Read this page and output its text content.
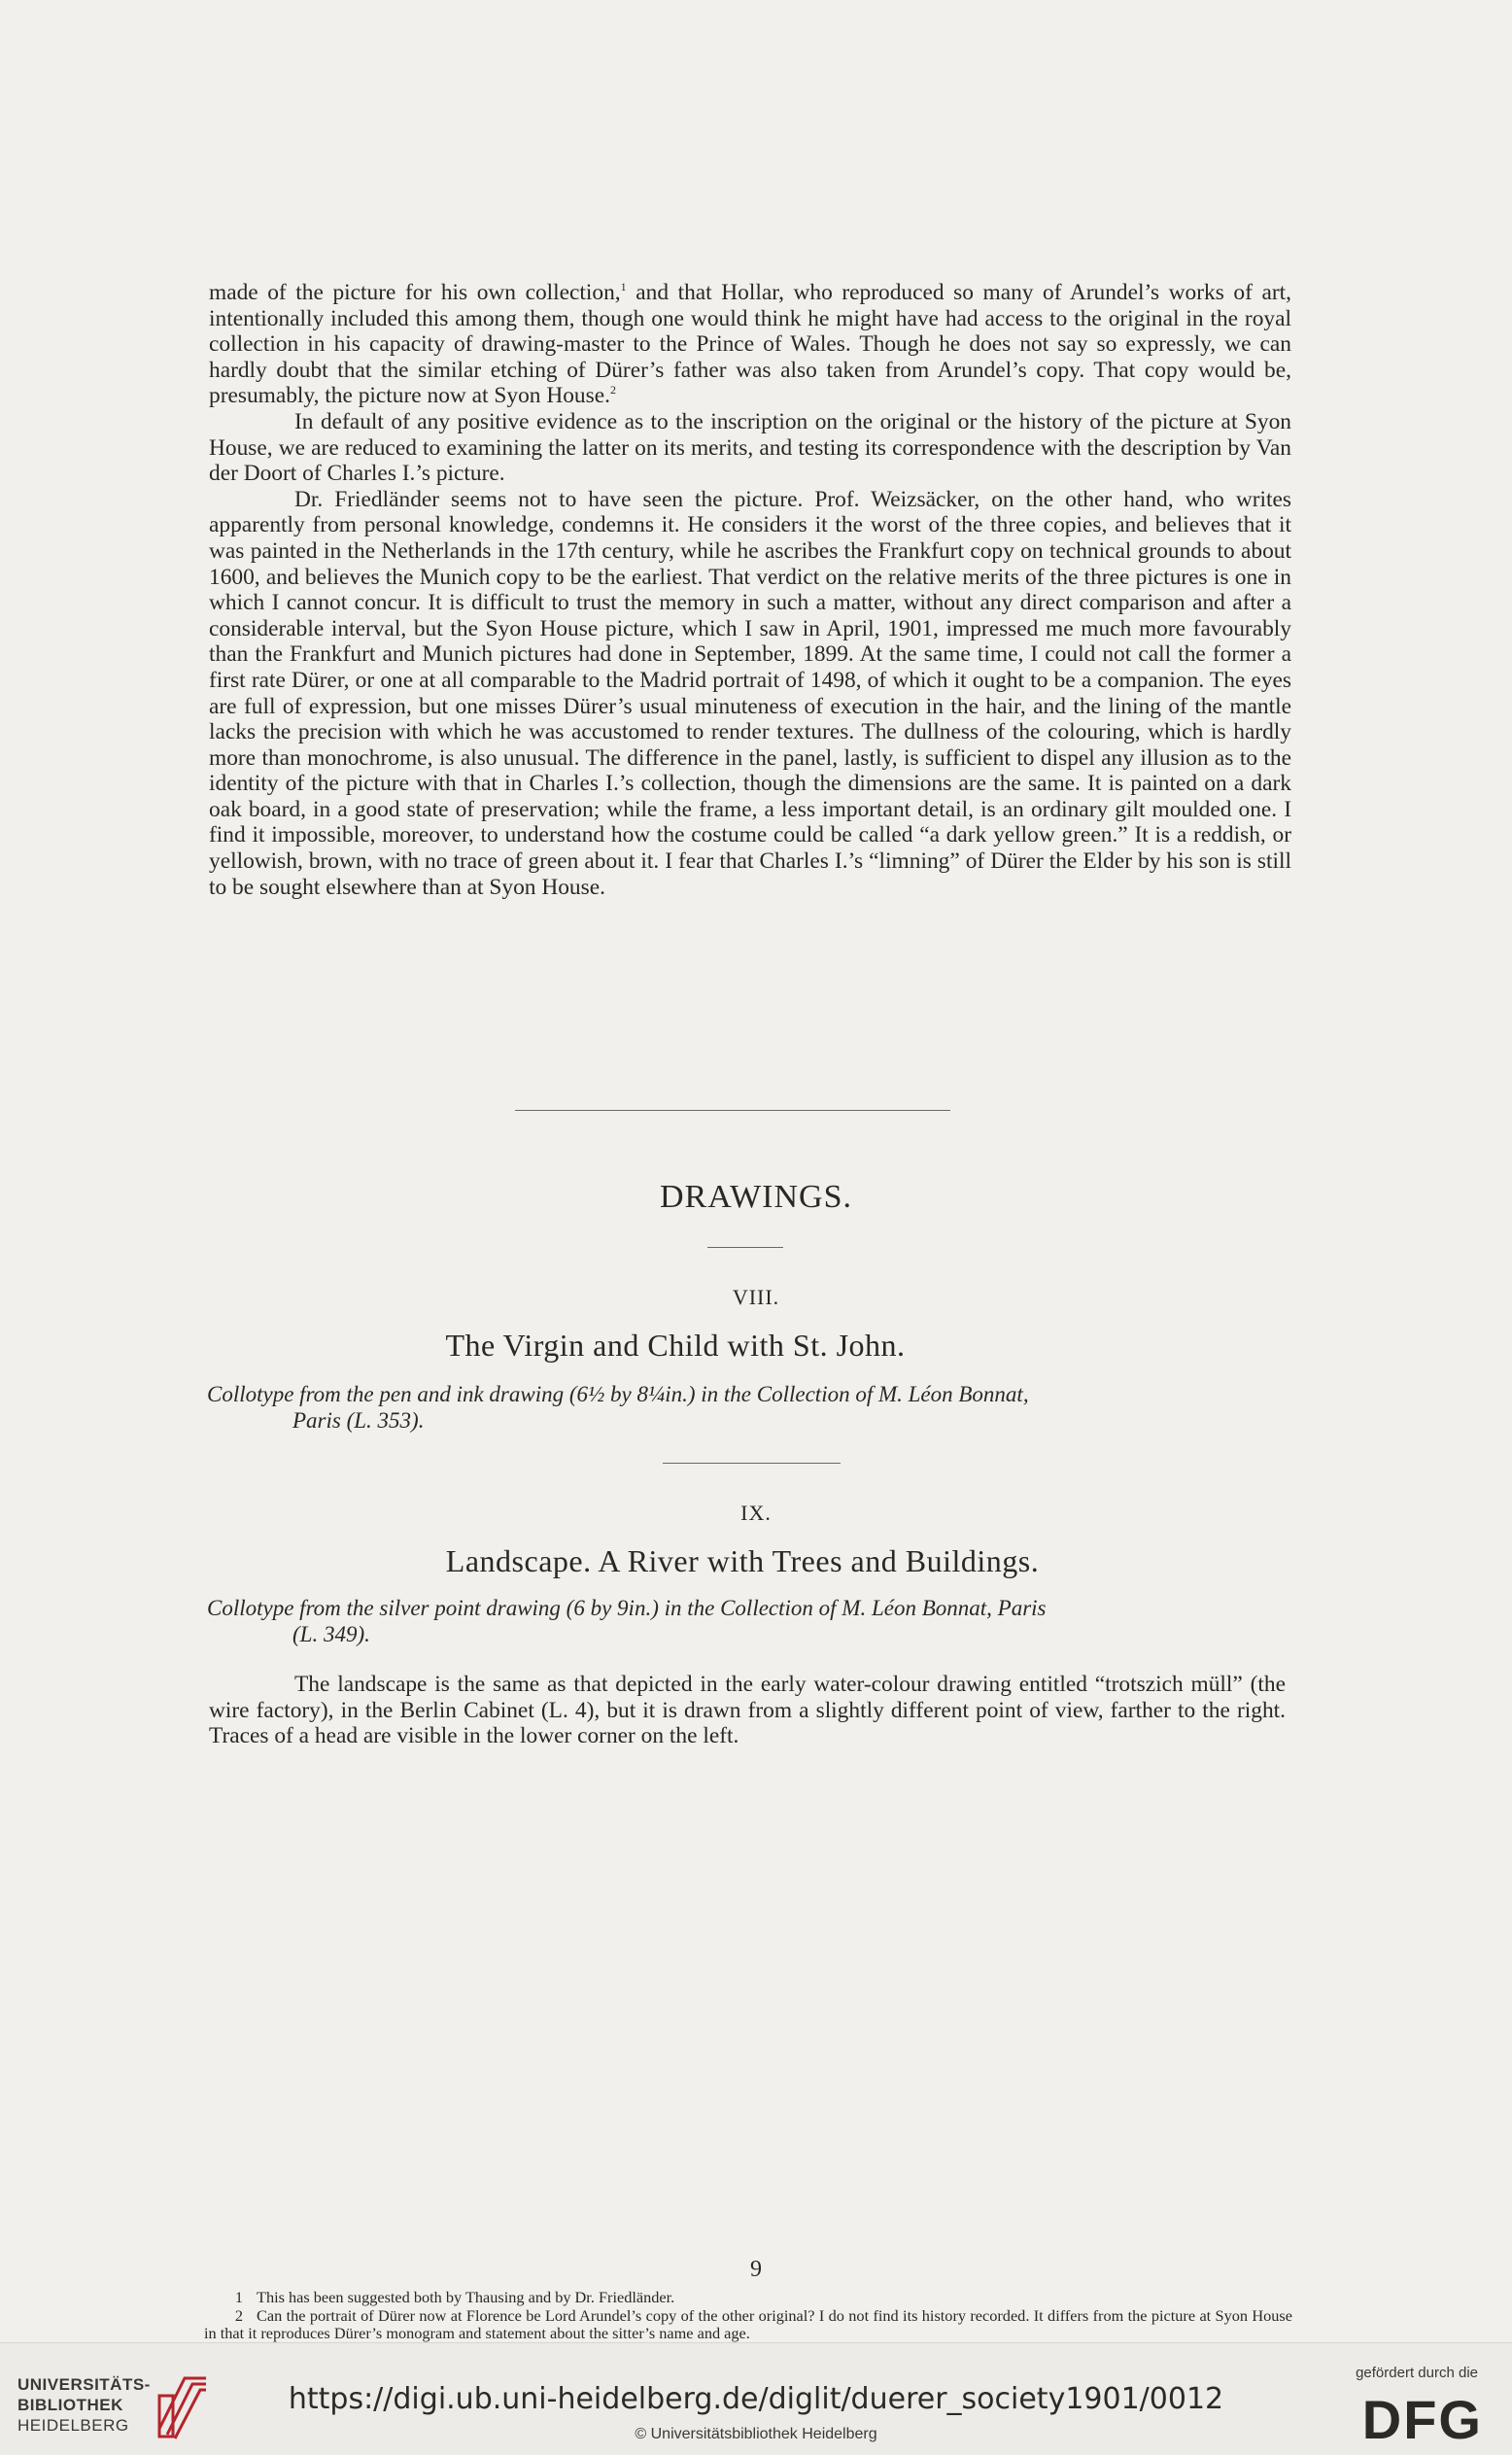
made of the picture for his own collection,$^1$ and that Hollar, who reproduced so many of Arundel’s works of art, intentionally included this among them, though one would think he might have had access to the original in the royal collection in his capacity of drawing-master to the Prince of Wales. Though he does not say so expressly, we can hardly doubt that the similar etching of Dürer’s father was also taken from Arundel’s copy. That copy would be, presumably, the picture now at Syon House.$^2$

In default of any positive evidence as to the inscription on the original or the history of the picture at Syon House, we are reduced to examining the latter on its merits, and testing its correspondence with the description by Van der Doort of Charles I.’s picture.

Dr. Friedländer seems not to have seen the picture. Prof. Weizsäcker, on the other hand, who writes apparently from personal knowledge, condemns it. He considers it the worst of the three copies, and believes that it was painted in the Netherlands in the 17th century, while he ascribes the Frankfurt copy on technical grounds to about 1600, and believes the Munich copy to be the earliest. That verdict on the relative merits of the three pictures is one in which I cannot concur. It is difficult to trust the memory in such a matter, without any direct comparison and after a considerable interval, but the Syon House picture, which I saw in April, 1901, impressed me much more favourably than the Frankfurt and Munich pictures had done in September, 1899. At the same time, I could not call the former a first rate Dürer, or one at all comparable to the Madrid portrait of 1498, of which it ought to be a companion. The eyes are full of expression, but one misses Dürer’s usual minuteness of execution in the hair, and the lining of the mantle lacks the precision with which he was accustomed to render textures. The dullness of the colouring, which is hardly more than monochrome, is also unusual. The difference in the panel, lastly, is sufficient to dispel any illusion as to the identity of the picture with that in Charles I.’s collection, though the dimensions are the same. It is painted on a dark oak board, in a good state of preservation; while the frame, a less important detail, is an ordinary gilt moulded one. I find it impossible, moreover, to understand how the costume could be called “a dark yellow green.” It is a reddish, or yellowish, brown, with no trace of green about it. I fear that Charles I.’s “limning” of Dürer the Elder by his son is still to be sought elsewhere than at Syon House.

DRAWINGS.
VIII.
The Virgin and Child with St. John.
Collotype from the pen and ink drawing (6½ by 8¼in.) in the Collection of M. Léon Bonnat,
Paris (L. 353).
IX.
Landscape. A River with Trees and Buildings.
Collotype from the silver point drawing (6 by 9in.) in the Collection of M. Léon Bonnat, Paris
(L. 349).

The landscape is the same as that depicted in the early water-colour drawing entitled “trotszich müll” (the wire factory), in the Berlin Cabinet (L. 4), but it is drawn from a slightly different point of view, farther to the right. Traces of a head are visible in the lower corner on the left.

1 This has been suggested both by Thausing and by Dr. Friedländer.

2 Can the portrait of Dürer now at Florence be Lord Arundel’s copy of the other original? I do not find its history recorded. It differs from the picture at Syon House in that it reproduces Dürer’s monogram and statement about the sitter’s name and age.

9
UNIVERSITÄTS-
BIBLIOTHEK
HEIDELBERG
https://digi.ub.uni-heidelberg.de/diglit/duerer_society1901/0012
© Universitätsbibliothek Heidelberg
gefördert durch die
DFG
